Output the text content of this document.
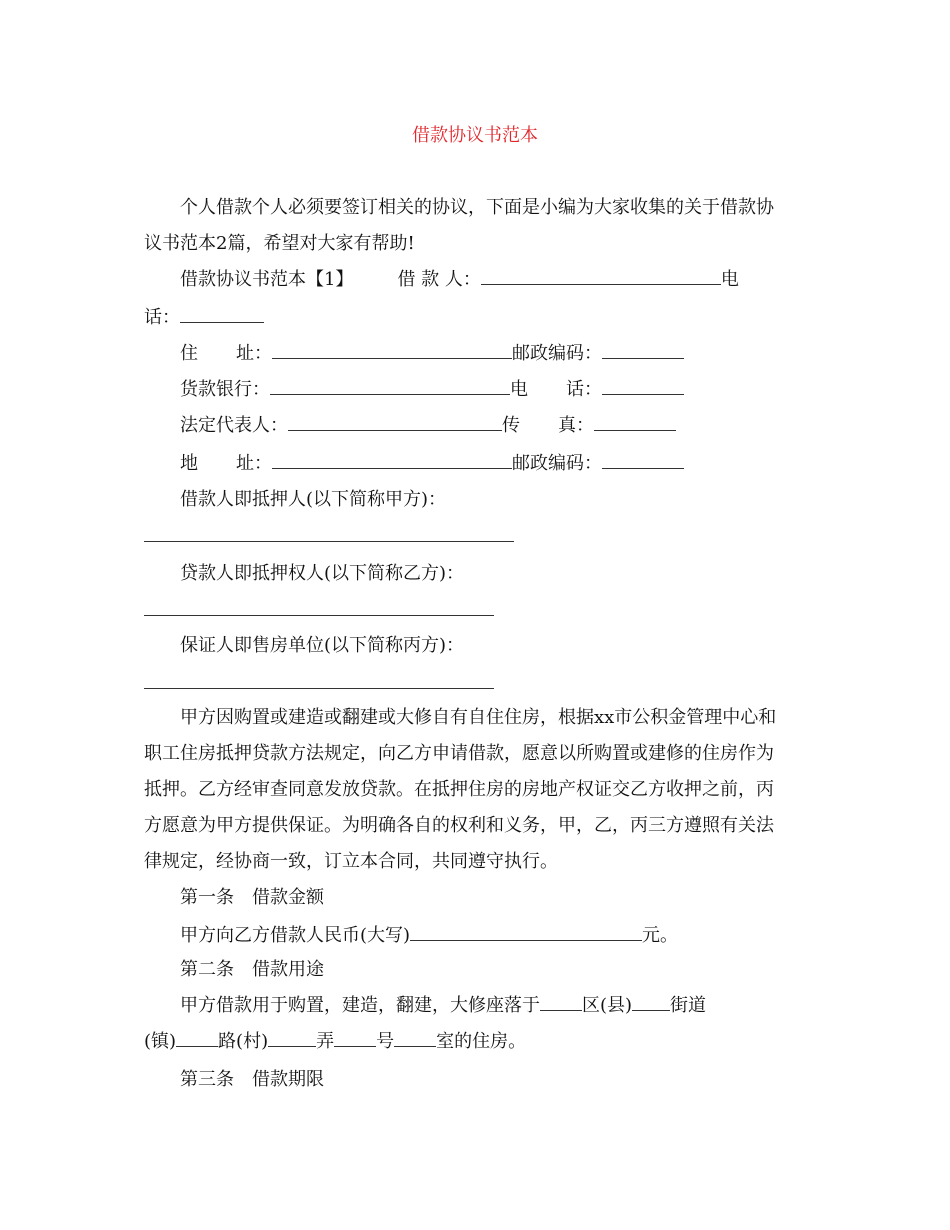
借款协议书范本
个人借款个人必须要签订相关的协议，下面是小编为大家收集的关于借款协
议书范本2篇，希望对大家有帮助!
借款协议书范本【1】 借 款 人：	电
话：
住 址：	邮政编码：
货款银行：	电 话：
法定代表人：	传 真：
地 址：	邮政编码：
借款人即抵押人(以下简称甲方)：
贷款人即抵押权人(以下简称乙方)：
保证人即售房单位(以下简称丙方)：
甲方因购置或建造或翻建或大修自有自住住房，根据xx市公积金管理中心和
职工住房抵押贷款方法规定，向乙方申请借款，愿意以所购置或建修的住房作为
抵押。乙方经审查同意发放贷款。在抵押住房的房地产权证交乙方收押之前，丙
方愿意为甲方提供保证。为明确各自的权利和义务，甲，乙，丙三方遵照有关法
律规定，经协商一致，订立本合同，共同遵守执行。
第一条　借款金额
甲方向乙方借款人民币(大写)	元。
第二条　借款用途
甲方借款用于购置，建造，翻建，大修座落于 区(县) 街道
(镇) 路(村)	弄 号 室的住房。
第三条　借款期限
